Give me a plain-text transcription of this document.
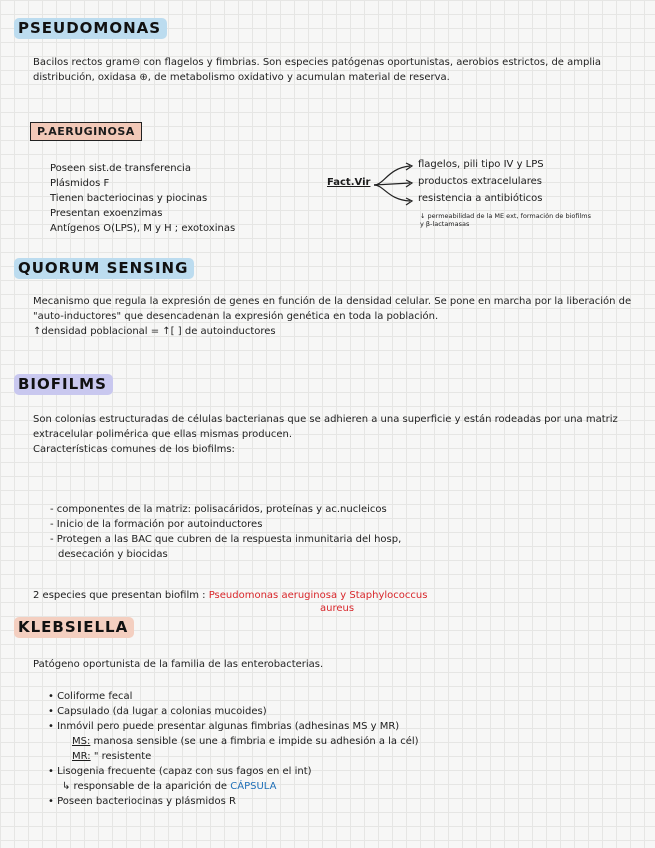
PSEUDOMONAS

Bacilos rectos gram⊖ con flagelos y fimbrias. Son especies patógenas oportunistas, aerobios estrictos, de amplia distribución, oxidasa ⊕, de metabolismo oxidativo y acumulan material de reserva.

P.AERUGINOSA
Poseen sist.de transferencia
Plásmidos F
Tienen bacteriocinas y piocinas
Presentan exoenzimas
Antígenos O(LPS), M y H ; exotoxinas
Fact.Vir
flagelos, pili tipo IV y LPS
productos extracelulares
resistencia a antibióticos
↓ permeabilidad de la ME ext, formación de biofilms
y β-lactamasas
QUORUM SENSING

Mecanismo que regula la expresión de genes en función de la densidad celular. Se pone en marcha por la liberación de "auto-inductores" que desencadenan la expresión genética en toda la población.

↑densidad poblacional = ↑[ ] de autoinductores

BIOFILMS

Son colonias estructuradas de células bacterianas que se adhieren a una superficie y están rodeadas por una matriz extracelular polimérica que ellas mismas producen.

Características comunes de los biofilms:

- componentes de la matriz: polisacáridos, proteínas y ac.nucleicos
- Inicio de la formación por autoinductores
- Protegen a las BAC que cubren de la respuesta inmunitaria del hosp,
desecación y biocidas
2 especies que presentan biofilm : Pseudomonas aeruginosa y Staphylococcus
aureus
KLEBSIELLA

Patógeno oportunista de la familia de las enterobacterias.

• Coliforme fecal
• Capsulado (da lugar a colonias mucoides)
• Inmóvil pero puede presentar algunas fimbrias (adhesinas MS y MR)
MS: manosa sensible (se une a fimbria e impide su adhesión a la cél)
MR: " resistente
• Lisogenia frecuente (capaz con sus fagos en el int)
↳ responsable de la aparición de CÁPSULA
• Poseen bacteriocinas y plásmidos R
